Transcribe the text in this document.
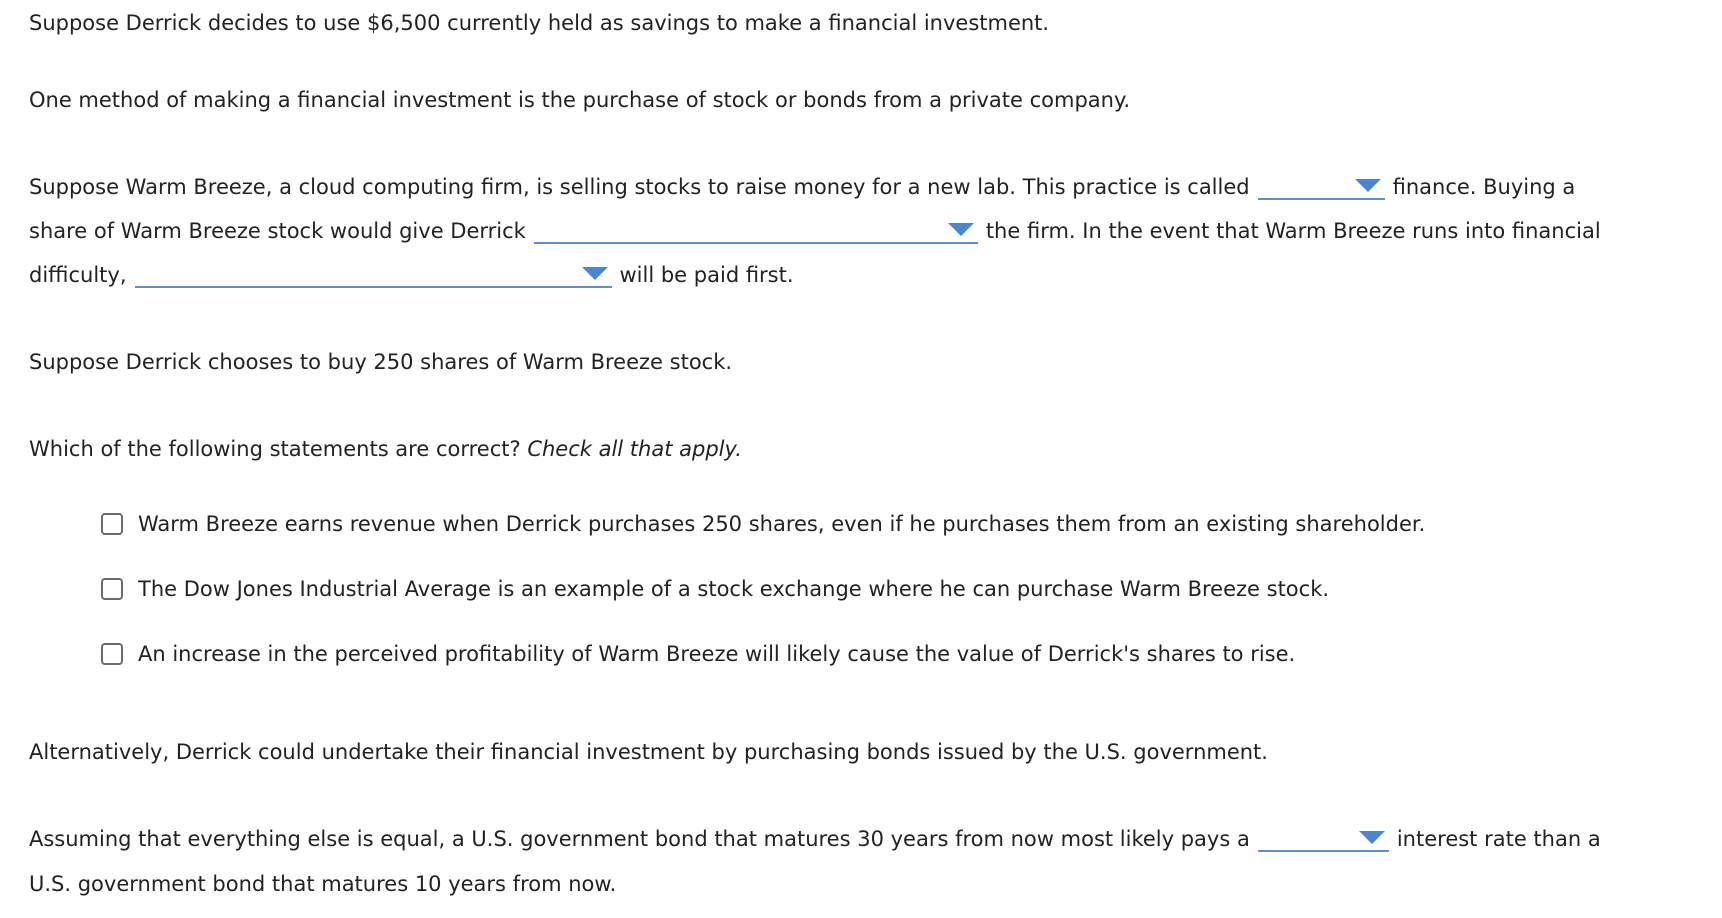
Suppose Derrick decides to use $6,500 currently held as savings to make a financial investment.
One method of making a financial investment is the purchase of stock or bonds from a private company.
Suppose Warm Breeze, a cloud computing firm, is selling stocks to raise money for a new lab. This practice is called	finance. Buying a
share of Warm Breeze stock would give Derrick	the firm. In the event that Warm Breeze runs into financial
difficulty,	will be paid first.
Suppose Derrick chooses to buy 250 shares of Warm Breeze stock.
Which of the following statements are correct? Check all that apply.
Warm Breeze earns revenue when Derrick purchases 250 shares, even if he purchases them from an existing shareholder.
The Dow Jones Industrial Average is an example of a stock exchange where he can purchase Warm Breeze stock.
An increase in the perceived profitability of Warm Breeze will likely cause the value of Derrick's shares to rise.
Alternatively, Derrick could undertake their financial investment by purchasing bonds issued by the U.S. government.
Assuming that everything else is equal, a U.S. government bond that matures 30 years from now most likely pays a	interest rate than a
U.S. government bond that matures 10 years from now.
